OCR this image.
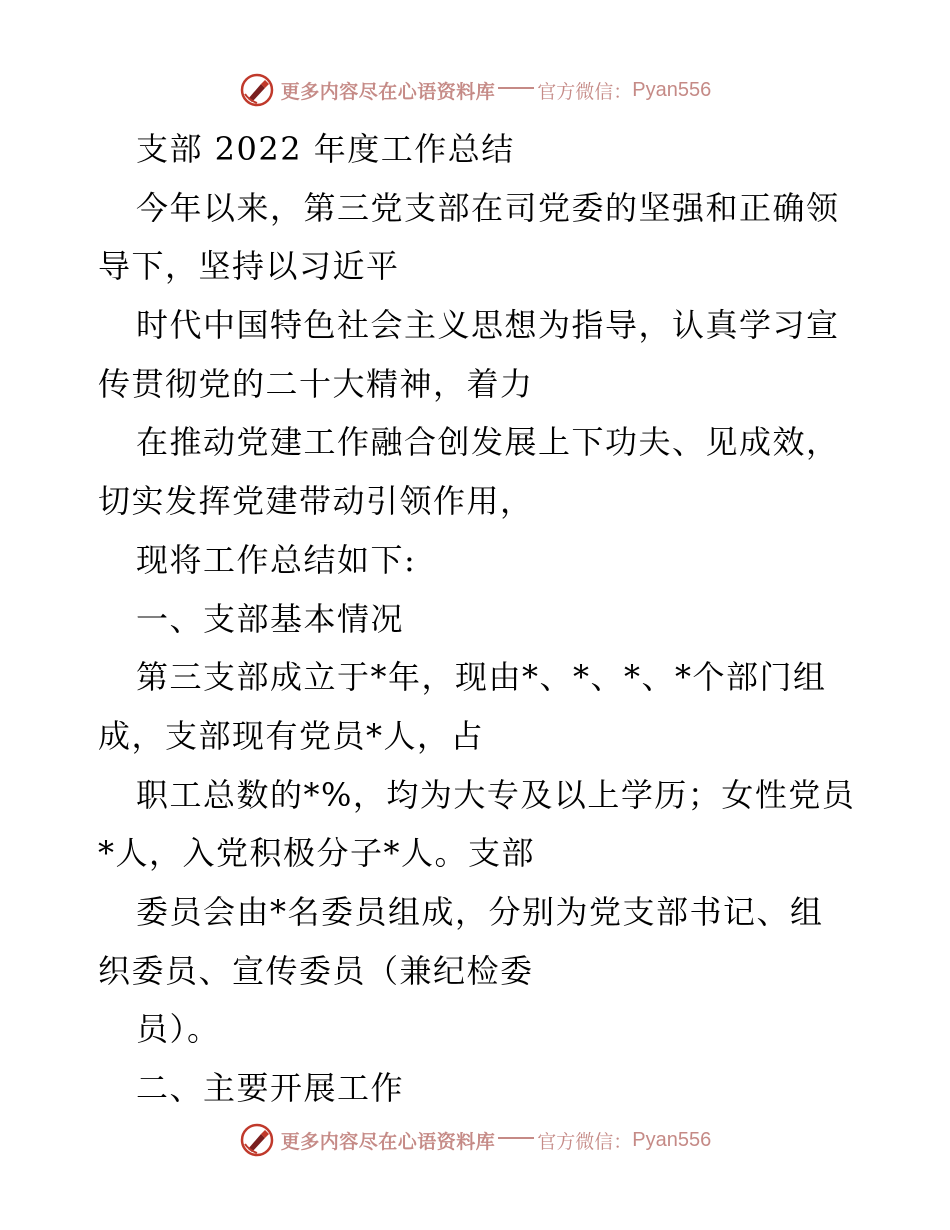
更多内容尽在心语资料库 官方微信： Pyan556
支部 2022 年度工作总结
今年以来，第三党支部在司党委的坚强和正确领
导下，坚持以习近平
时代中国特色社会主义思想为指导，认真学习宣
传贯彻党的二十大精神，着力
在推动党建工作融合创发展上下功夫、见成效，
切实发挥党建带动引领作用，
现将工作总结如下:
一、支部基本情况
第三支部成立于*年，现由*、*、*、*个部门组
成，支部现有党员*人，占
职工总数的*%，均为大专及以上学历；女性党员
*人，入党积极分子*人。支部
委员会由*名委员组成，分别为党支部书记、组
织委员、宣传委员（兼纪检委
员）。
二、主要开展工作
更多内容尽在心语资料库 官方微信： Pyan556
